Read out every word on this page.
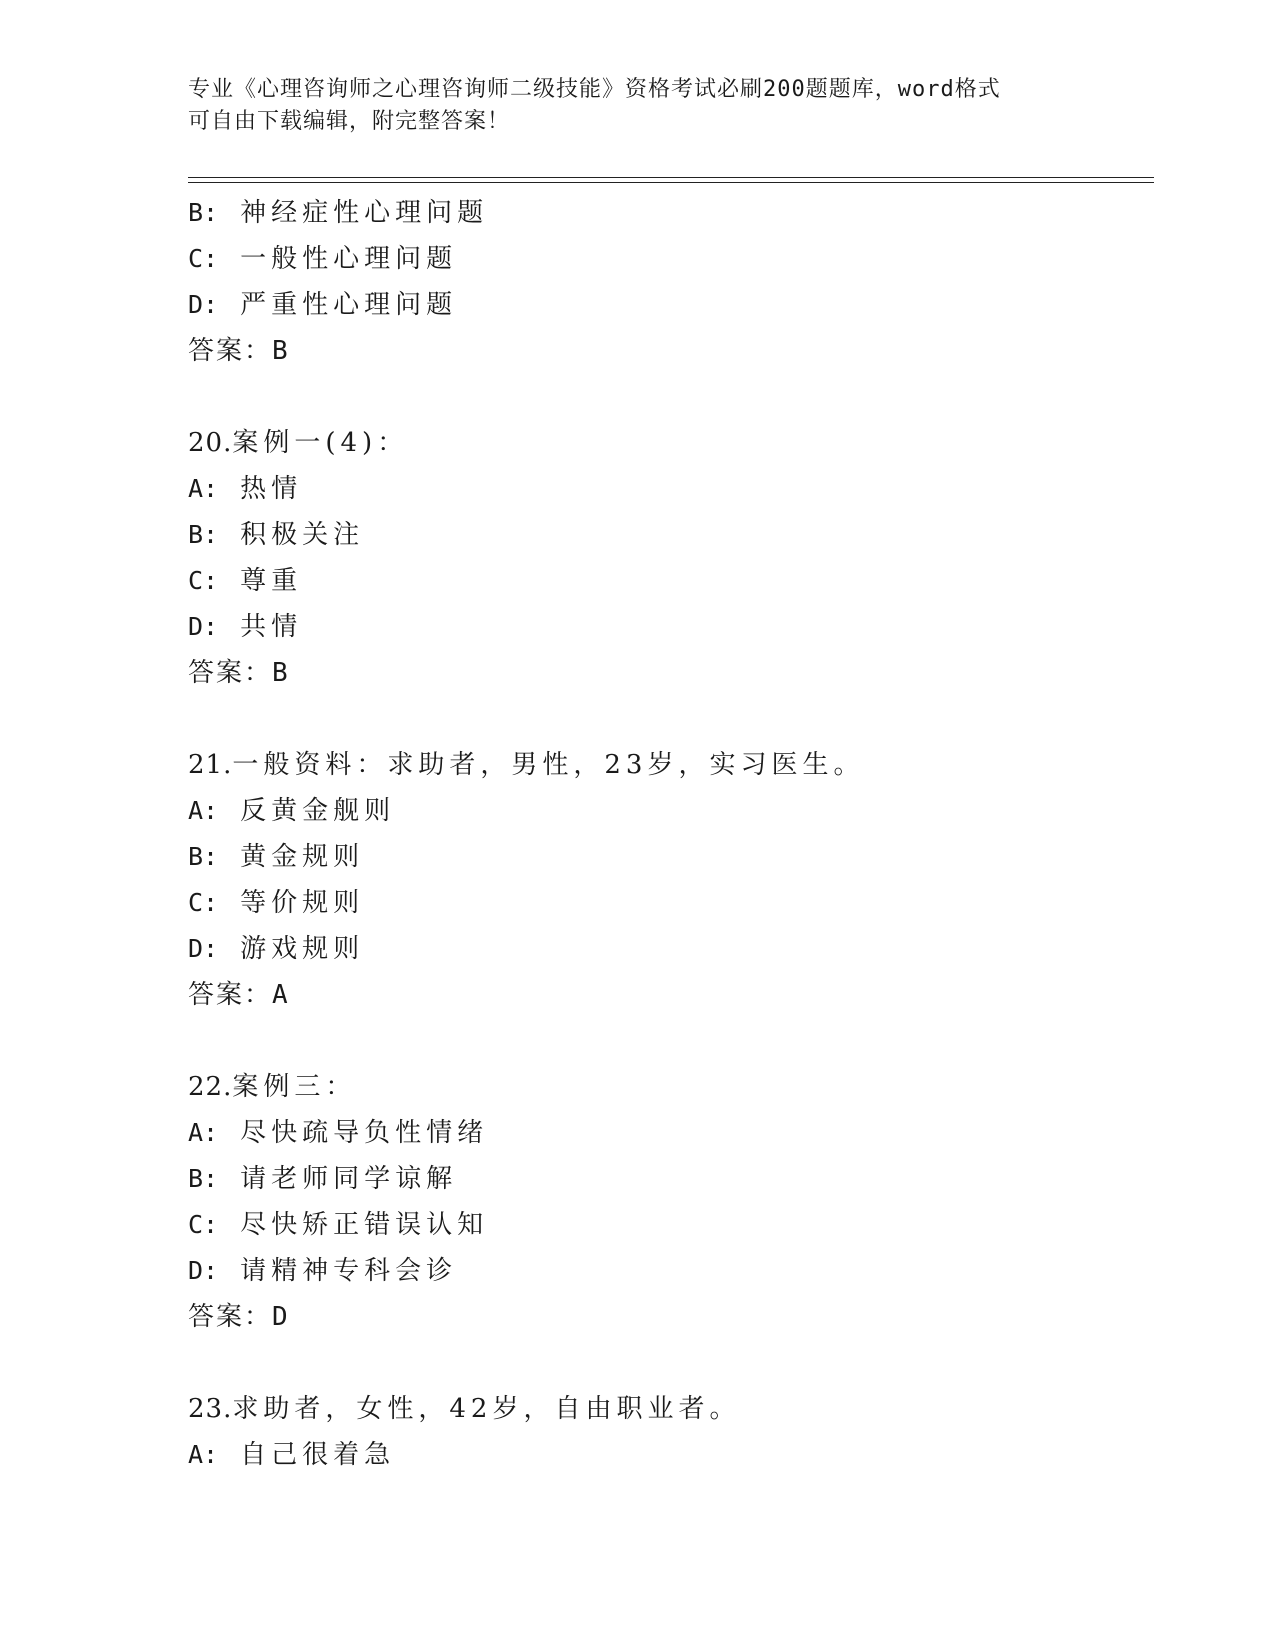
专业《心理咨询师之心理咨询师二级技能》资格考试必刷200题题库，word格式
可自由下载编辑，附完整答案！
B: 神经症性心理问题
C: 一般性心理问题
D: 严重性心理问题
答案：B
20.案例一(4)：
A: 热情
B: 积极关注
C: 尊重
D: 共情
答案：B
21.一般资料：求助者，男性，23岁，实习医生。
A: 反黄金舰则
B: 黄金规则
C: 等价规则
D: 游戏规则
答案：A
22.案例三：
A: 尽快疏导负性情绪
B: 请老师同学谅解
C: 尽快矫正错误认知
D: 请精神专科会诊
答案：D
23.求助者，女性，42岁，自由职业者。
A: 自己很着急
